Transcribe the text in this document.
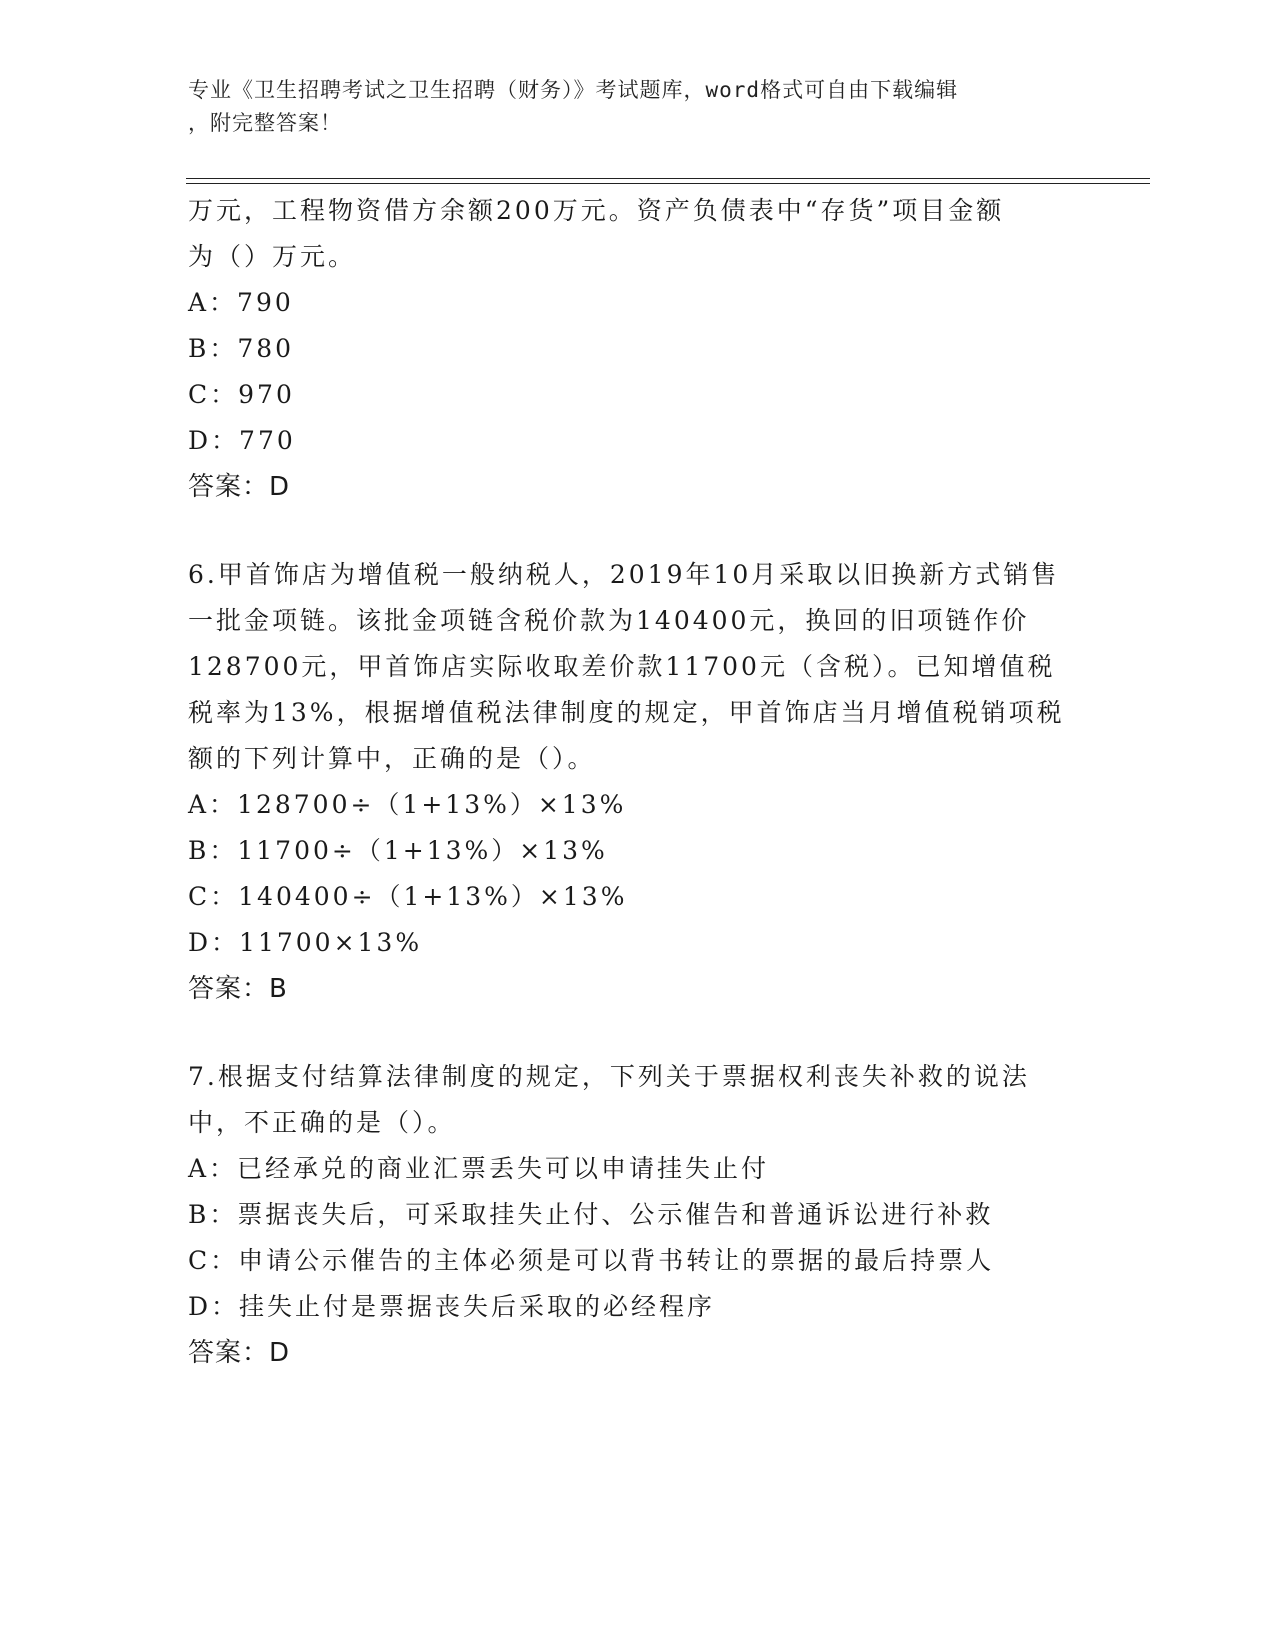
专业《卫生招聘考试之卫生招聘（财务）》考试题库，word格式可自由下载编辑
，附完整答案！
万元，工程物资借方余额200万元。资产负债表中“存货”项目金额
为（）万元。
A：790
B：780
C：970
D：770
答案：D
6.甲首饰店为增值税一般纳税人，2019年10月采取以旧换新方式销售
一批金项链。该批金项链含税价款为140400元，换回的旧项链作价
128700元，甲首饰店实际收取差价款11700元（含税）。已知增值税
税率为13%，根据增值税法律制度的规定，甲首饰店当月增值税销项税
额的下列计算中，正确的是（）。
A：128700÷（1+13%）×13%
B：11700÷（1+13%）×13%
C：140400÷（1+13%）×13%
D：11700×13%
答案：B
7.根据支付结算法律制度的规定，下列关于票据权利丧失补救的说法
中，不正确的是（）。
A：已经承兑的商业汇票丢失可以申请挂失止付
B：票据丧失后，可采取挂失止付、公示催告和普通诉讼进行补救
C：申请公示催告的主体必须是可以背书转让的票据的最后持票人
D：挂失止付是票据丧失后采取的必经程序
答案：D
